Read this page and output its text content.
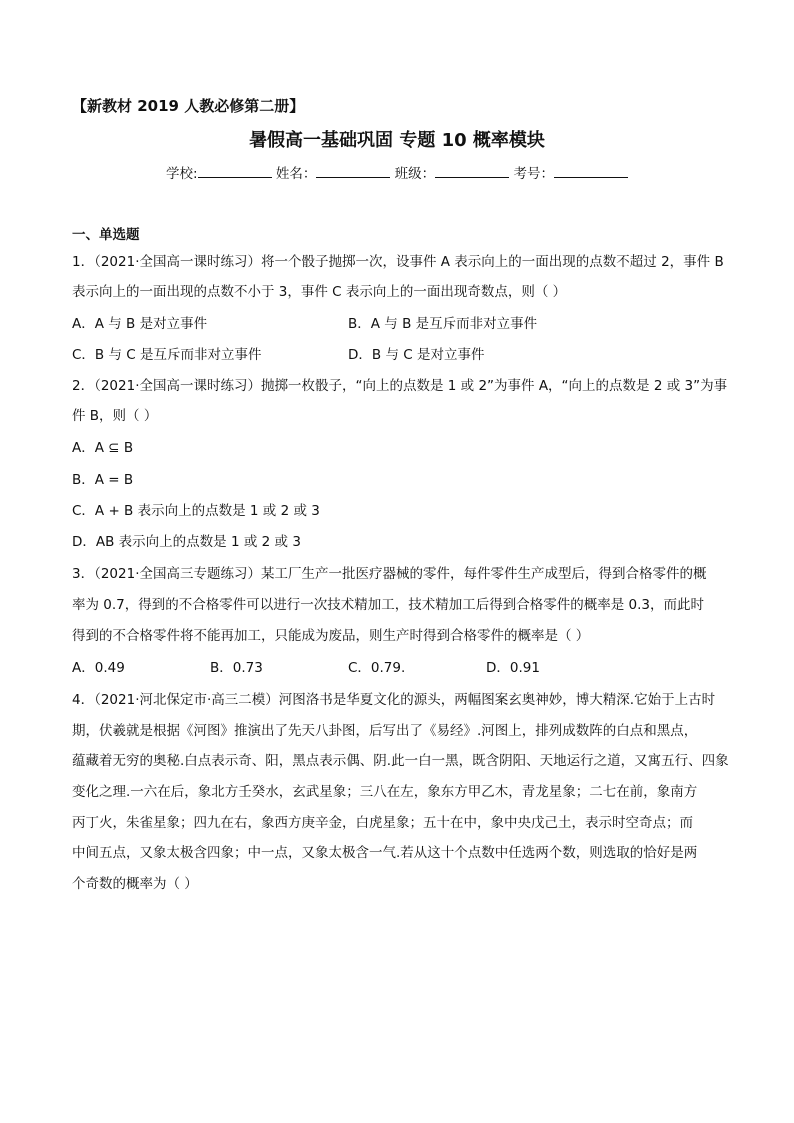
【新教材 2019 人教必修第二册】
暑假高一基础巩固 专题 10 概率模块
学校:	姓名：	班级：	考号：
一、单选题
1．（2021·全国高一课时练习）将一个骰子抛掷一次，设事件 A 表示向上的一面出现的点数不超过 2，事件 B
表示向上的一面出现的点数不小于 3，事件 C 表示向上的一面出现奇数点，则（ ）
A．A 与 B 是对立事件	B．A 与 B 是互斥而非对立事件
C．B 与 C 是互斥而非对立事件	D．B 与 C 是对立事件
2．（2021·全国高一课时练习）抛掷一枚骰子，“向上的点数是 1 或 2”为事件 A，“向上的点数是 2 或 3”为事
件 B，则（ ）
A．A ⊆ B
B．A = B
C．A + B 表示向上的点数是 1 或 2 或 3
D．AB 表示向上的点数是 1 或 2 或 3
3．（2021·全国高三专题练习）某工厂生产一批医疗器械的零件，每件零件生产成型后，得到合格零件的概
率为 0.7，得到的不合格零件可以进行一次技术精加工，技术精加工后得到合格零件的概率是 0.3，而此时
得到的不合格零件将不能再加工，只能成为废品，则生产时得到合格零件的概率是（ ）
A．0.49	B．0.73	C．0.79.	D．0.91
4．（2021·河北保定市·高三二模）河图洛书是华夏文化的源头，两幅图案玄奥神妙，博大精深.它始于上古时
期，伏羲就是根据《河图》推演出了先天八卦图，后写出了《易经》.河图上，排列成数阵的白点和黑点，
蕴藏着无穷的奥秘.白点表示奇、阳，黑点表示偶、阴.此一白一黑，既含阴阳、天地运行之道，又寓五行、四象
变化之理.一六在后，象北方壬癸水，玄武星象；三八在左，象东方甲乙木，青龙星象；二七在前，象南方
丙丁火，朱雀星象；四九在右，象西方庚辛金，白虎星象；五十在中，象中央戊己土，表示时空奇点；而
中间五点，又象太极含四象；中一点，又象太极含一气.若从这十个点数中任选两个数，则选取的恰好是两
个奇数的概率为（ ）
